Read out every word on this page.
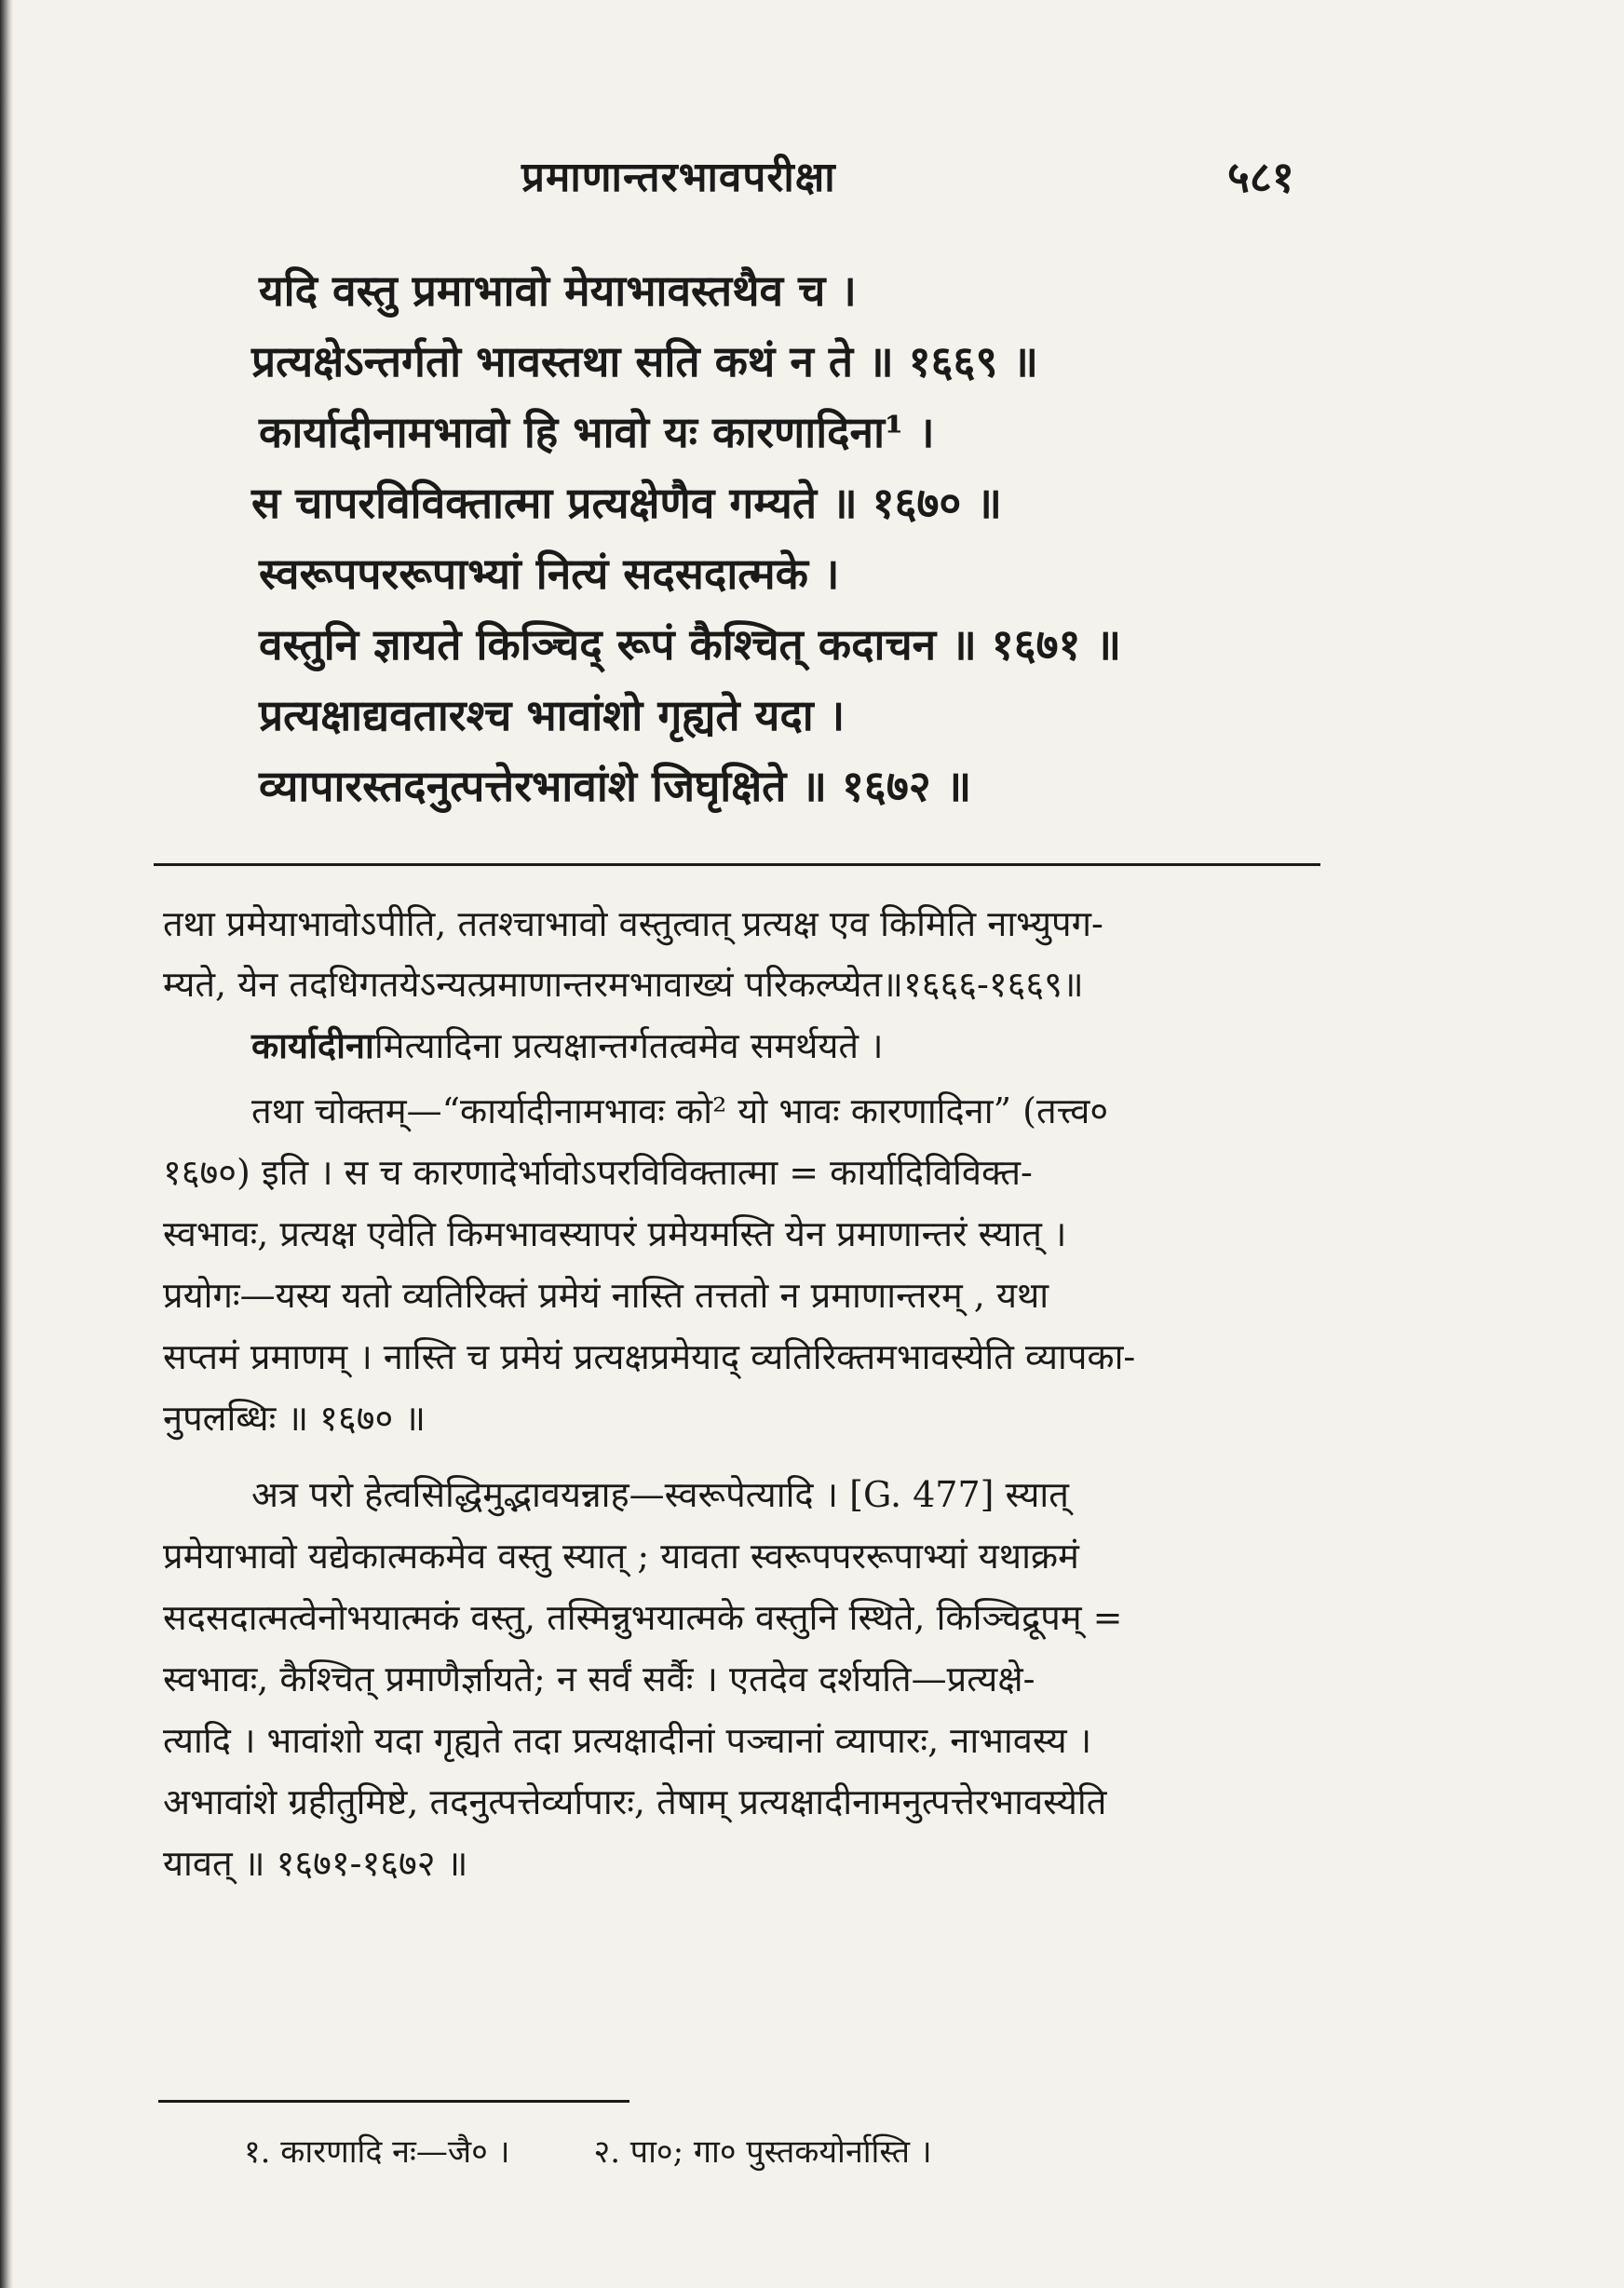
प्रमाणान्तरभावपरीक्षा	५८१
यदि वस्तु प्रमाभावो मेयाभावस्तथैव च ।
प्रत्यक्षेऽन्तर्गतो भावस्तथा सति कथं न ते ॥ १६६९ ॥
कार्यादीनामभावो हि भावो यः कारणादिना¹ ।
स चापरविविक्तात्मा प्रत्यक्षेणैव गम्यते ॥ १६७० ॥
स्वरूपपररूपाभ्यां नित्यं सदसदात्मके ।
वस्तुनि ज्ञायते किञ्चिद् रूपं कैश्चित् कदाचन ॥ १६७१ ॥
प्रत्यक्षाद्यवतारश्च भावांशो गृह्यते यदा ।
व्यापारस्तदनुत्पत्तेरभावांशे जिघृक्षिते ॥ १६७२ ॥
तथा प्रमेयाभावोऽपीति, ततश्चाभावो वस्तुत्वात् प्रत्यक्ष एव किमिति नाभ्युपग-
म्यते, येन तदधिगतयेऽन्यत्प्रमाणान्तरमभावाख्यं परिकल्प्येत॥१६६६-१६६९॥
कार्यादीनामित्यादिना प्रत्यक्षान्तर्गतत्वमेव समर्थयते ।
तथा चोक्तम्—“कार्यादीनामभावः को² यो भावः कारणादिना” (तत्त्व०
१६७०) इति । स च कारणादेर्भावोऽपरविविक्तात्मा = कार्यादिविविक्त-
स्वभावः, प्रत्यक्ष एवेति किमभावस्यापरं प्रमेयमस्ति येन प्रमाणान्तरं स्यात् ।
प्रयोगः—यस्य यतो व्यतिरिक्तं प्रमेयं नास्ति तत्ततो न प्रमाणान्तरम् , यथा
सप्तमं प्रमाणम् । नास्ति च प्रमेयं प्रत्यक्षप्रमेयाद् व्यतिरिक्तमभावस्येति व्यापका-
नुपलब्धिः ॥ १६७० ॥
अत्र परो हेत्वसिद्धिमुद्भावयन्नाह—स्वरूपेत्यादि । [G. 477] स्यात्
प्रमेयाभावो यद्येकात्मकमेव वस्तु स्यात् ; यावता स्वरूपपररूपाभ्यां यथाक्रमं
सदसदात्मत्वेनोभयात्मकं वस्तु, तस्मिन्नुभयात्मके वस्तुनि स्थिते, किञ्चिद्रूपम् =
स्वभावः, कैश्चित् प्रमाणैर्ज्ञायते; न सर्वं सर्वैः । एतदेव दर्शयति—प्रत्यक्षे-
त्यादि । भावांशो यदा गृह्यते तदा प्रत्यक्षादीनां पञ्चानां व्यापारः, नाभावस्य ।
अभावांशे ग्रहीतुमिष्टे, तदनुत्पत्तेर्व्यापारः, तेषाम् प्रत्यक्षादीनामनुत्पत्तेरभावस्येति
यावत् ॥ १६७१-१६७२ ॥
१. कारणादि नः—जै० ।	२. पा०; गा० पुस्तकयोर्नास्ति ।
